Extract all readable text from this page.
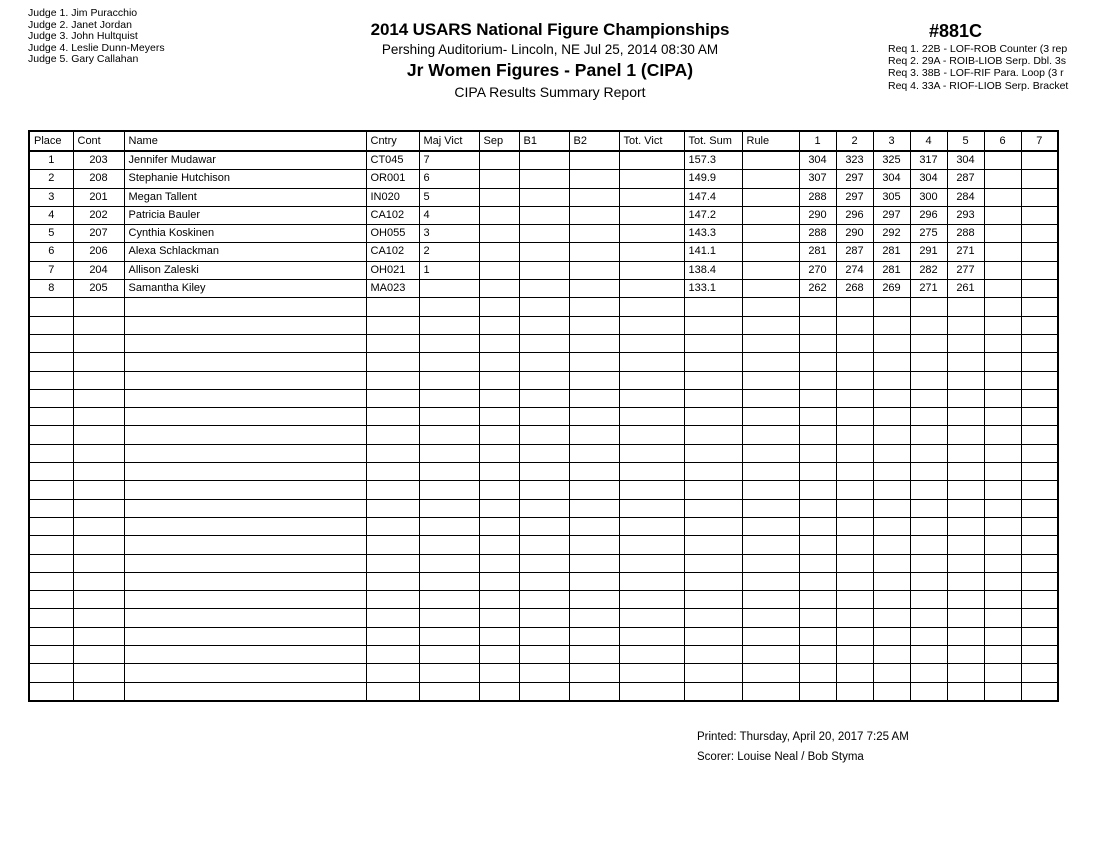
Judge 1. Jim Puracchio
Judge 2. Janet Jordan
Judge 3. John Hultquist
Judge 4. Leslie Dunn-Meyers
Judge 5. Gary Callahan
2014 USARS National Figure Championships
Pershing Auditorium- Lincoln, NE Jul 25, 2014 08:30 AM
Jr Women Figures - Panel 1 (CIPA)
CIPA Results Summary Report
#881C
Req 1. 22B - LOF-ROB Counter (3 rep
Req 2. 29A - ROIB-LIOB Serp. Dbl. 3s
Req 3. 38B - LOF-RIF Para. Loop (3 r
Req 4. 33A - RIOF-LIOB Serp. Bracket
Place	Cont	Name	Cntry	Maj Vict	Sep	B1	B2	Tot. Vict	Tot. Sum	Rule	1	2	3	4	5	6	7
1	203	Jennifer Mudawar	CT045	7					157.3		304	323	325	317	304		
2	208	Stephanie Hutchison	OR001	6					149.9		307	297	304	304	287		
3	201	Megan Tallent	IN020	5					147.4		288	297	305	300	284		
4	202	Patricia Bauler	CA102	4					147.2		290	296	297	296	293		
5	207	Cynthia Koskinen	OH055	3					143.3		288	290	292	275	288		
6	206	Alexa Schlackman	CA102	2					141.1		281	287	281	291	271		
7	204	Allison Zaleski	OH021	1					138.4		270	274	281	282	277		
8	205	Samantha Kiley	MA023						133.1		262	268	269	271	261		

Printed: Thursday, April 20, 2017 7:25 AM
Scorer: Louise Neal / Bob Styma
